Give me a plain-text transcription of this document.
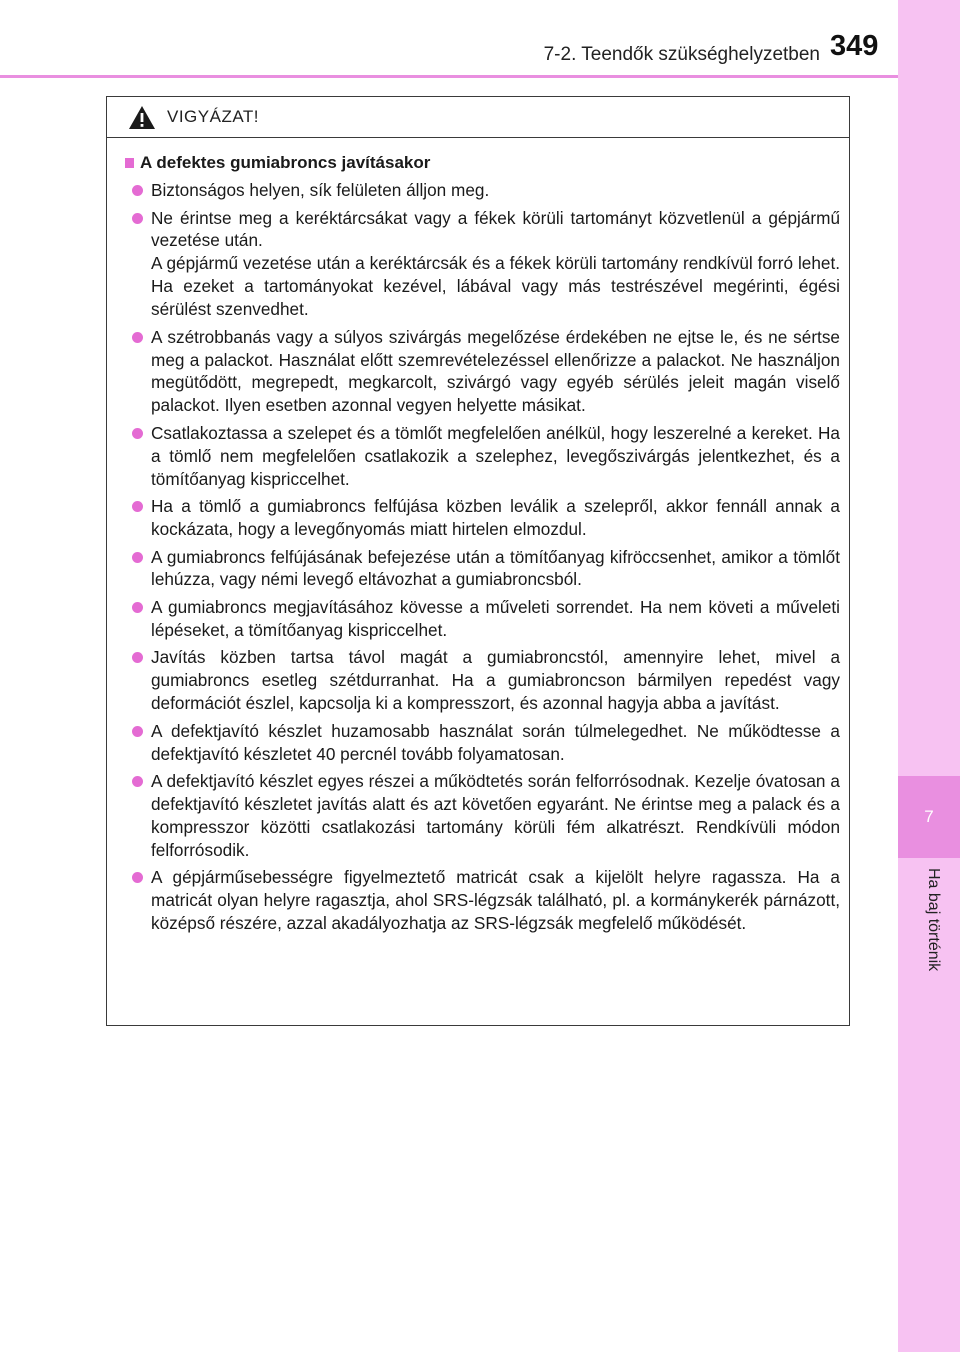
7
Ha baj történik
7-2. Teendők szükséghelyzetben 349
VIGYÁZAT!
A defektes gumiabroncs javításakor
Biztonságos helyen, sík felületen álljon meg.
Ne érintse meg a keréktárcsákat vagy a fékek körüli tartományt közvetlenül a gépjármű vezetése után.
A gépjármű vezetése után a keréktárcsák és a fékek körüli tartomány rendkívül forró lehet. Ha ezeket a tartományokat kezével, lábával vagy más testrészével megérinti, égési sérülést szenvedhet.
A szétrobbanás vagy a súlyos szivárgás megelőzése érdekében ne ejtse le, és ne sértse meg a palackot. Használat előtt szemrevételezéssel ellenőrizze a palackot. Ne használjon megütődött, megrepedt, megkarcolt, szivárgó vagy egyéb sérülés jeleit magán viselő palackot. Ilyen esetben azonnal vegyen helyette másikat.
Csatlakoztassa a szelepet és a tömlőt megfelelően anélkül, hogy leszerelné a kereket. Ha a tömlő nem megfelelően csatlakozik a szelephez, levegőszivárgás jelentkezhet, és a tömítőanyag kispriccelhet.
Ha a tömlő a gumiabroncs felfújása közben leválik a szelepről, akkor fennáll annak a kockázata, hogy a levegőnyomás miatt hirtelen elmozdul.
A gumiabroncs felfújásának befejezése után a tömítőanyag kifröccsenhet, amikor a tömlőt lehúzza, vagy némi levegő eltávozhat a gumiabroncsból.
A gumiabroncs megjavításához kövesse a műveleti sorrendet. Ha nem követi a műveleti lépéseket, a tömítőanyag kispriccelhet.
Javítás közben tartsa távol magát a gumiabroncstól, amennyire lehet, mivel a gumiabroncs esetleg szétdurranhat. Ha a gumiabroncson bármilyen repedést vagy deformációt észlel, kapcsolja ki a kompresszort, és azonnal hagyja abba a javítást.
A defektjavító készlet huzamosabb használat során túlmelegedhet. Ne működtesse a defektjavító készletet 40 percnél tovább folyamatosan.
A defektjavító készlet egyes részei a működtetés során felforrósodnak. Kezelje óvatosan a defektjavító készletet javítás alatt és azt követően egyaránt. Ne érintse meg a palack és a kompresszor közötti csatlakozási tartomány körüli fém alkatrészt. Rendkívüli módon felforrósodik.
A gépjárműsebességre figyelmeztető matricát csak a kijelölt helyre ragassza. Ha a matricát olyan helyre ragasztja, ahol SRS-légzsák található, pl. a kormánykerék párnázott, középső részére, azzal akadályozhatja az SRS-légzsák megfelelő működését.
